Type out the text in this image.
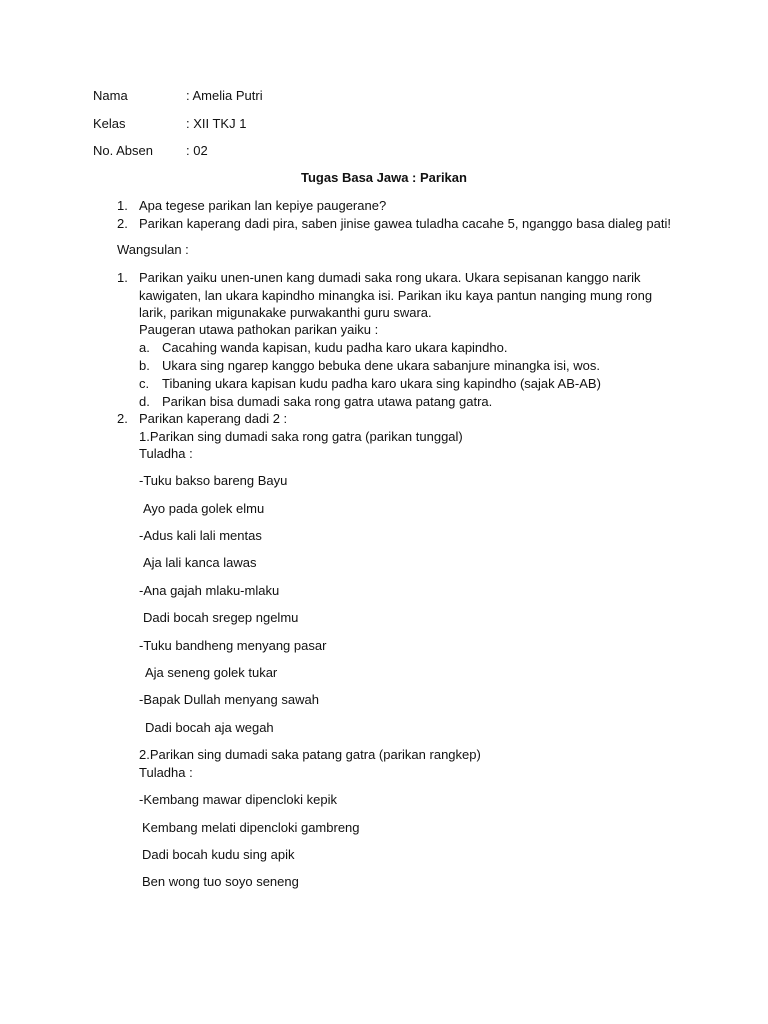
Nama	: Amelia Putri
Kelas	: XII TKJ 1
No. Absen	: 02
Tugas Basa Jawa : Parikan
1. Apa tegese parikan lan kepiye paugerane?
2. Parikan kaperang dadi pira, saben jinise gawea tuladha cacahe 5, nganggo basa dialeg pati!
Wangsulan :
1. Parikan yaiku unen-unen kang dumadi saka rong ukara. Ukara sepisanan kanggo narik
kawigaten, lan ukara kapindho minangka isi. Parikan iku kaya pantun nanging mung rong
larik, parikan migunakake purwakanthi guru swara.
Paugeran utawa pathokan parikan yaiku :
a. Cacahing wanda kapisan, kudu padha karo ukara kapindho.
b. Ukara sing ngarep kanggo bebuka dene ukara sabanjure minangka isi, wos.
c. Tibaning ukara kapisan kudu padha karo ukara sing kapindho (sajak AB-AB)
d. Parikan bisa dumadi saka rong gatra utawa patang gatra.
2. Parikan kaperang dadi 2 :
1.Parikan sing dumadi saka rong gatra (parikan tunggal)
Tuladha :
-Tuku bakso bareng Bayu
Ayo pada golek elmu
-Adus kali lali mentas
Aja lali kanca lawas
-Ana gajah mlaku-mlaku
Dadi bocah sregep ngelmu
-Tuku bandheng menyang pasar
Aja seneng golek tukar
-Bapak Dullah menyang sawah
Dadi bocah aja wegah
2.Parikan sing dumadi saka patang gatra (parikan rangkep)
Tuladha :
-Kembang mawar dipencloki kepik
Kembang melati dipencloki gambreng
Dadi bocah kudu sing apik
Ben wong tuo soyo seneng
